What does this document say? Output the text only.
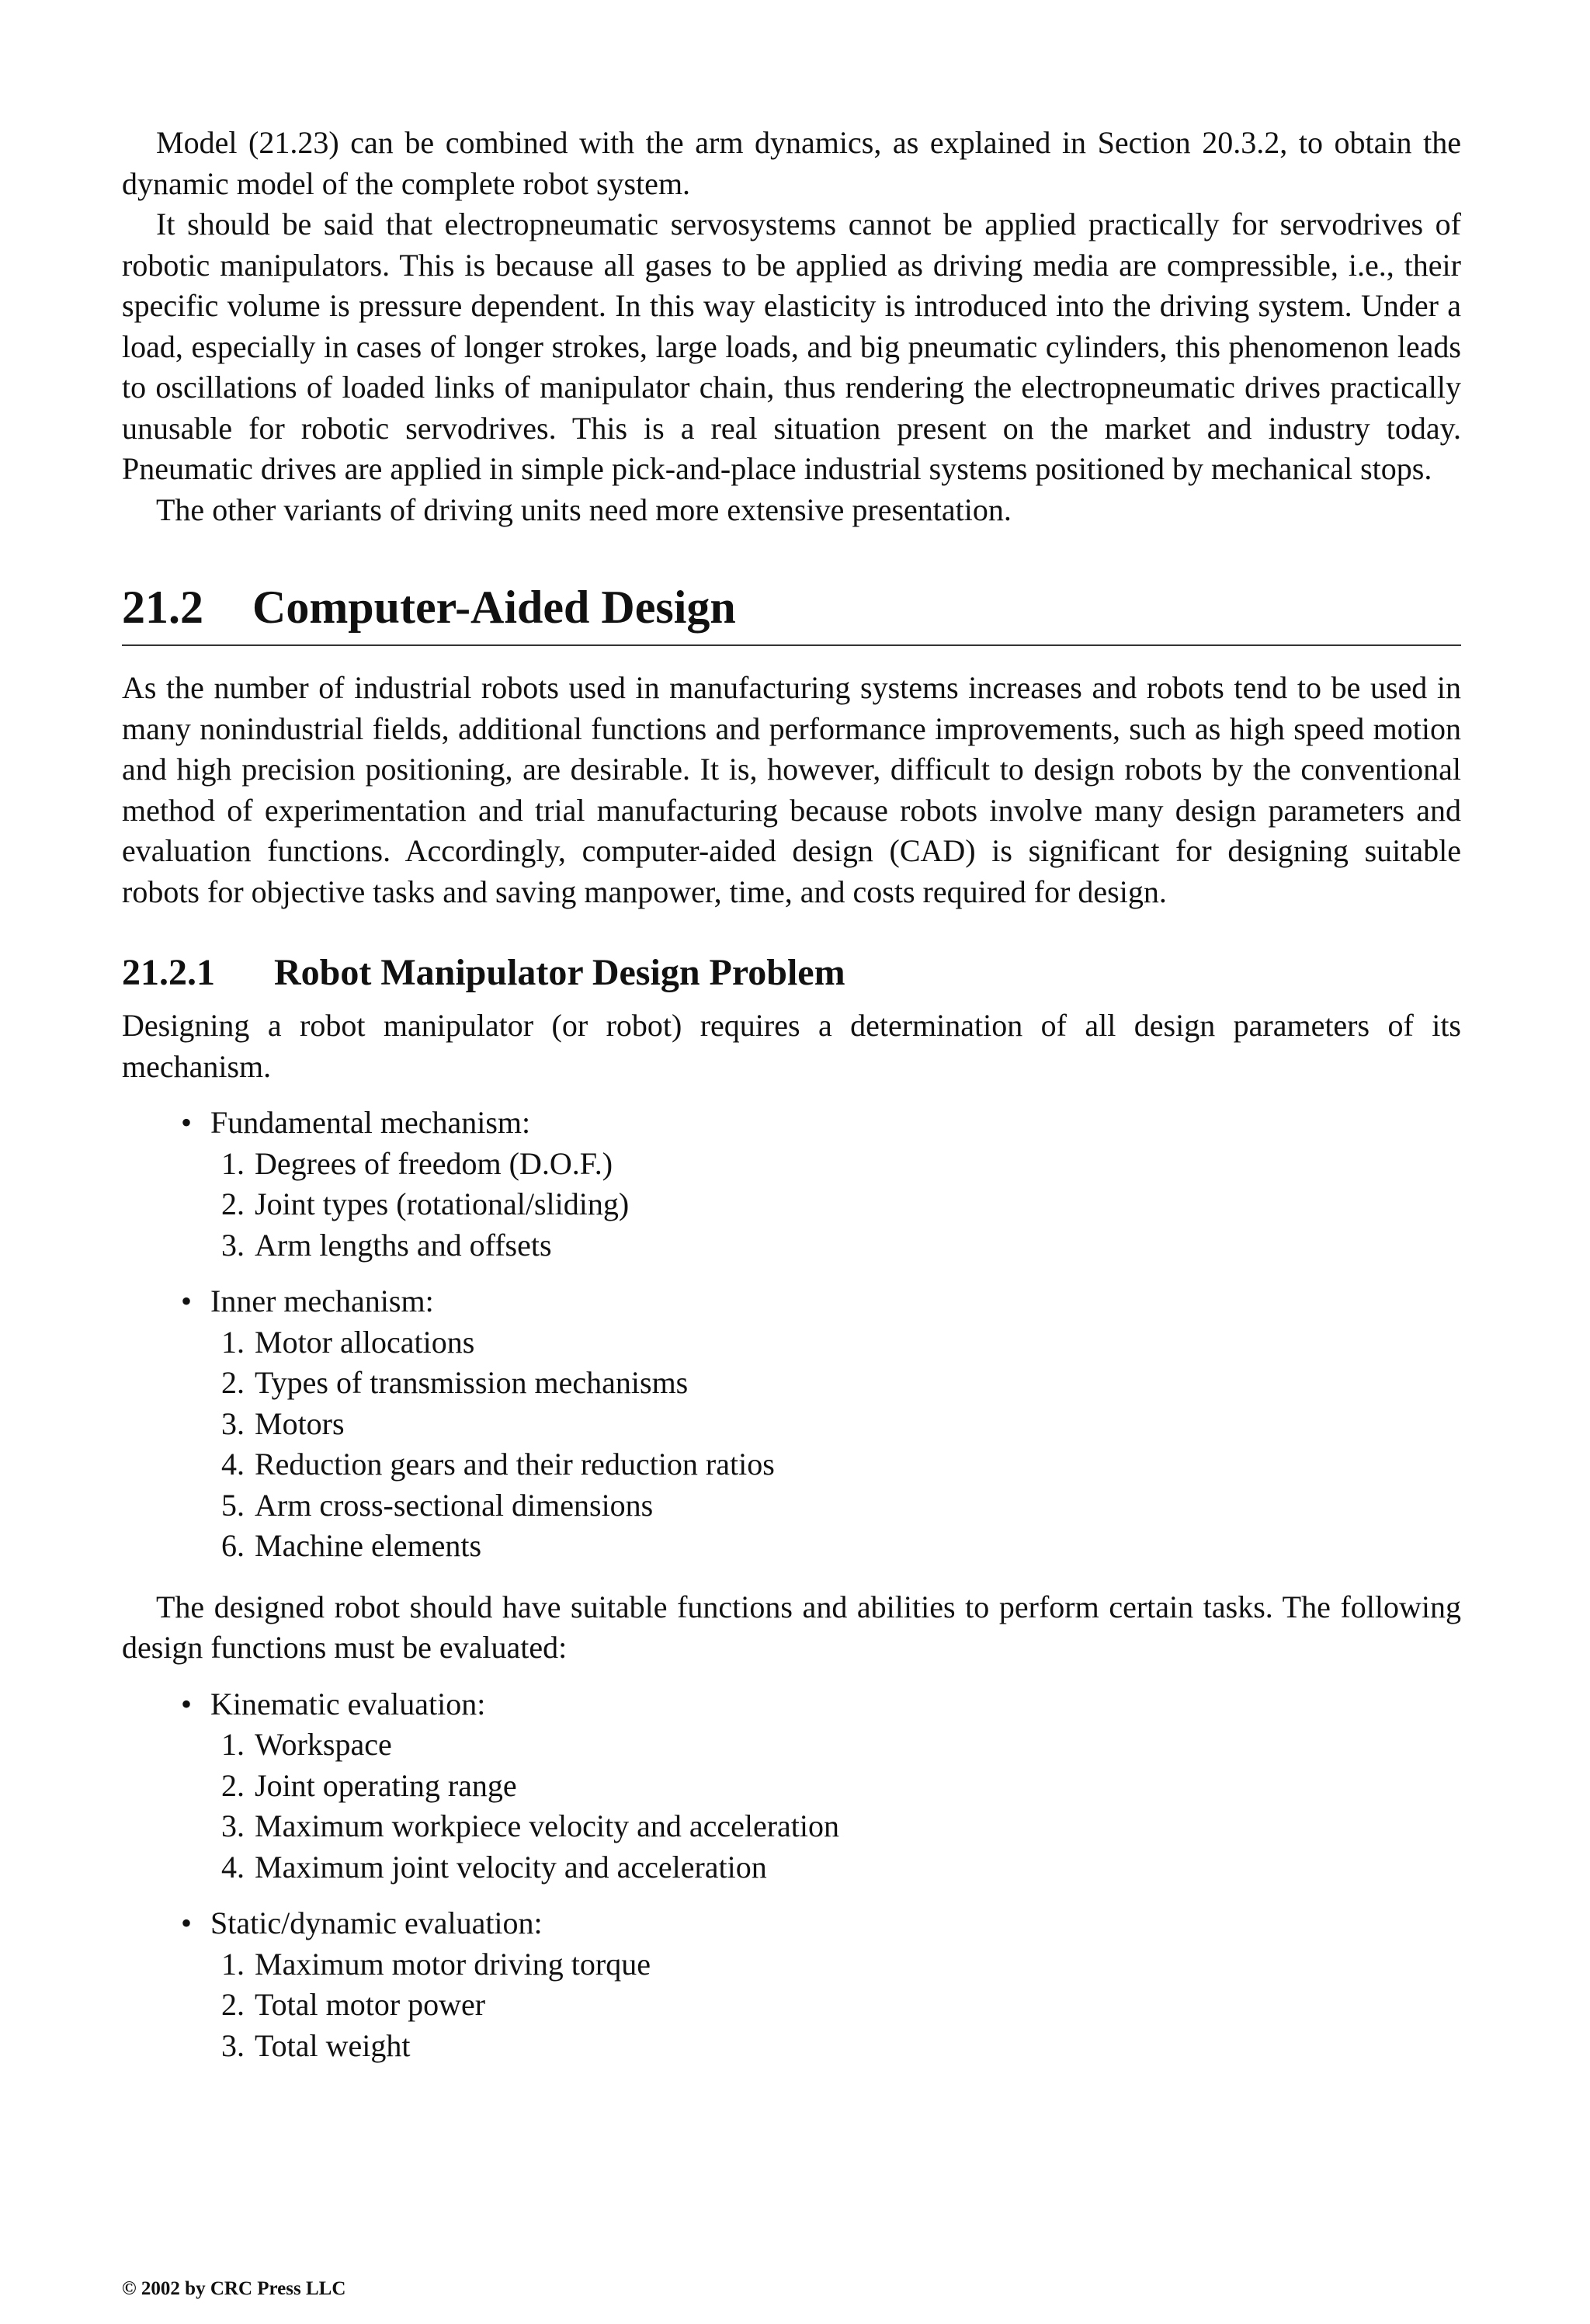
Model (21.23) can be combined with the arm dynamics, as explained in Section 20.3.2, to obtain the dynamic model of the complete robot system.

It should be said that electropneumatic servosystems cannot be applied practically for servodrives of robotic manipulators. This is because all gases to be applied as driving media are compressible, i.e., their specific volume is pressure dependent. In this way elasticity is introduced into the driving system. Under a load, especially in cases of longer strokes, large loads, and big pneumatic cylinders, this phenomenon leads to oscillations of loaded links of manipulator chain, thus rendering the electropneumatic drives practically unusable for robotic servodrives. This is a real situation present on the market and industry today. Pneumatic drives are applied in simple pick-and-place industrial systems positioned by mechanical stops.

The other variants of driving units need more extensive presentation.

21.2 Computer-Aided Design

As the number of industrial robots used in manufacturing systems increases and robots tend to be used in many nonindustrial fields, additional functions and performance improvements, such as high speed motion and high precision positioning, are desirable. It is, however, difficult to design robots by the conventional method of experimentation and trial manufacturing because robots involve many design parameters and evaluation functions. Accordingly, computer-aided design (CAD) is significant for designing suitable robots for objective tasks and saving manpower, time, and costs required for design.

21.2.1 Robot Manipulator Design Problem

Designing a robot manipulator (or robot) requires a determination of all design parameters of its mechanism.

• Fundamental mechanism:
1. Degrees of freedom (D.O.F.)
2. Joint types (rotational/sliding)
3. Arm lengths and offsets
• Inner mechanism:
1. Motor allocations
2. Types of transmission mechanisms
3. Motors
4. Reduction gears and their reduction ratios
5. Arm cross-sectional dimensions
6. Machine elements

The designed robot should have suitable functions and abilities to perform certain tasks. The following design functions must be evaluated:

• Kinematic evaluation:
1. Workspace
2. Joint operating range
3. Maximum workpiece velocity and acceleration
4. Maximum joint velocity and acceleration
• Static/dynamic evaluation:
1. Maximum motor driving torque
2. Total motor power
3. Total weight
© 2002 by CRC Press LLC
